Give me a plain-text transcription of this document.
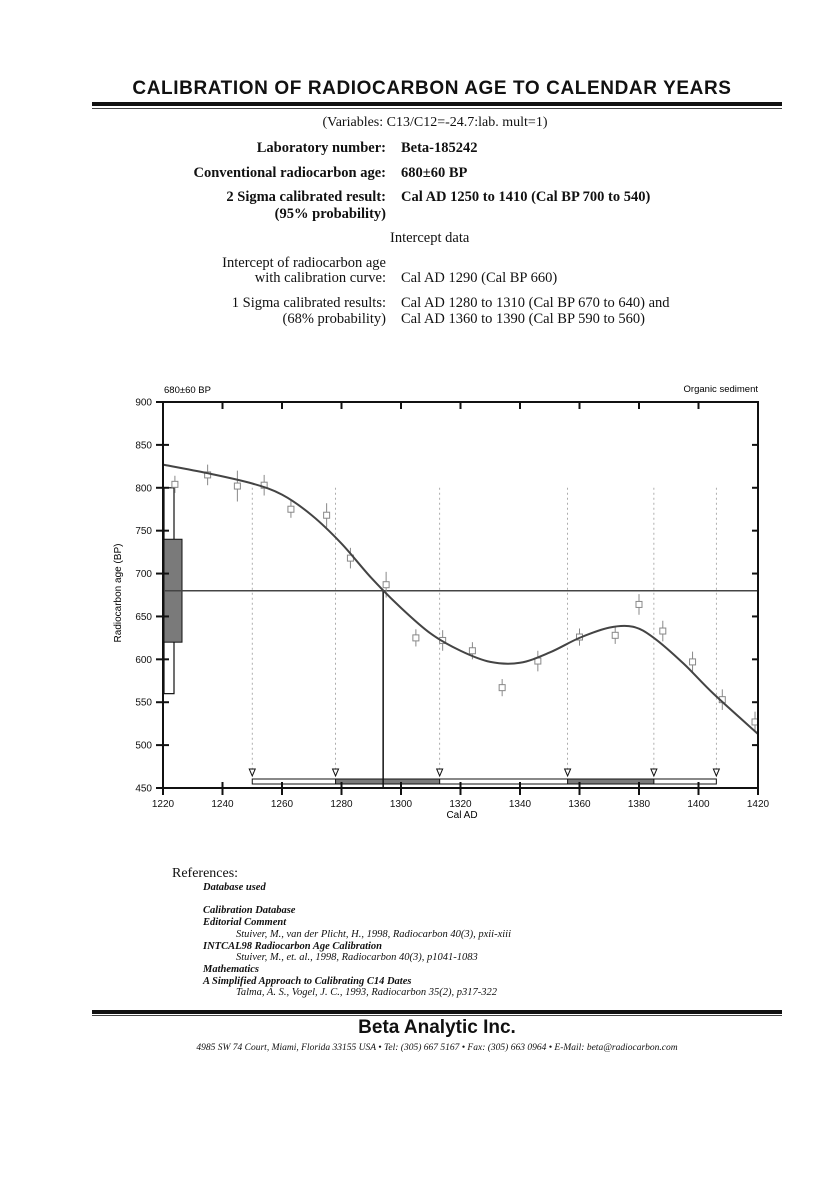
CALIBRATION OF RADIOCARBON AGE TO CALENDAR YEARS
(Variables: C13/C12=-24.7:lab. mult=1)
Laboratory number: Beta-185242
Conventional radiocarbon age: 680±60 BP
2 Sigma calibrated result:
(95% probability)
Cal AD 1250 to 1410 (Cal BP 700 to 540)
Intercept data
Intercept of radiocarbon age
with calibration curve: Cal AD 1290 (Cal BP 660)
1 Sigma calibrated results:
(68% probability)
Cal AD 1280 to 1310 (Cal BP 670 to 640) and
Cal AD 1360 to 1390 (Cal BP 590 to 560)
900
850
800
750
700
650
600
550
500
450
1220	1240	1260	1280	1300	1320	1340	1360	1380	1400	1420
680±60 BP	Organic sediment
Cal AD
Radiocarbon age (BP)
References:
Database used
Calibration Database
Editorial Comment
Stuiver, M., van der Plicht, H., 1998, Radiocarbon 40(3), pxii-xiii
INTCAL98 Radiocarbon Age Calibration
Stuiver, M., et. al., 1998, Radiocarbon 40(3), p1041-1083
Mathematics
A Simplified Approach to Calibrating C14 Dates
Talma, A. S., Vogel, J. C., 1993, Radiocarbon 35(2), p317-322
Beta Analytic Inc.
4985 SW 74 Court, Miami, Florida 33155 USA • Tel: (305) 667 5167 • Fax: (305) 663 0964 • E-Mail: beta@radiocarbon.com
